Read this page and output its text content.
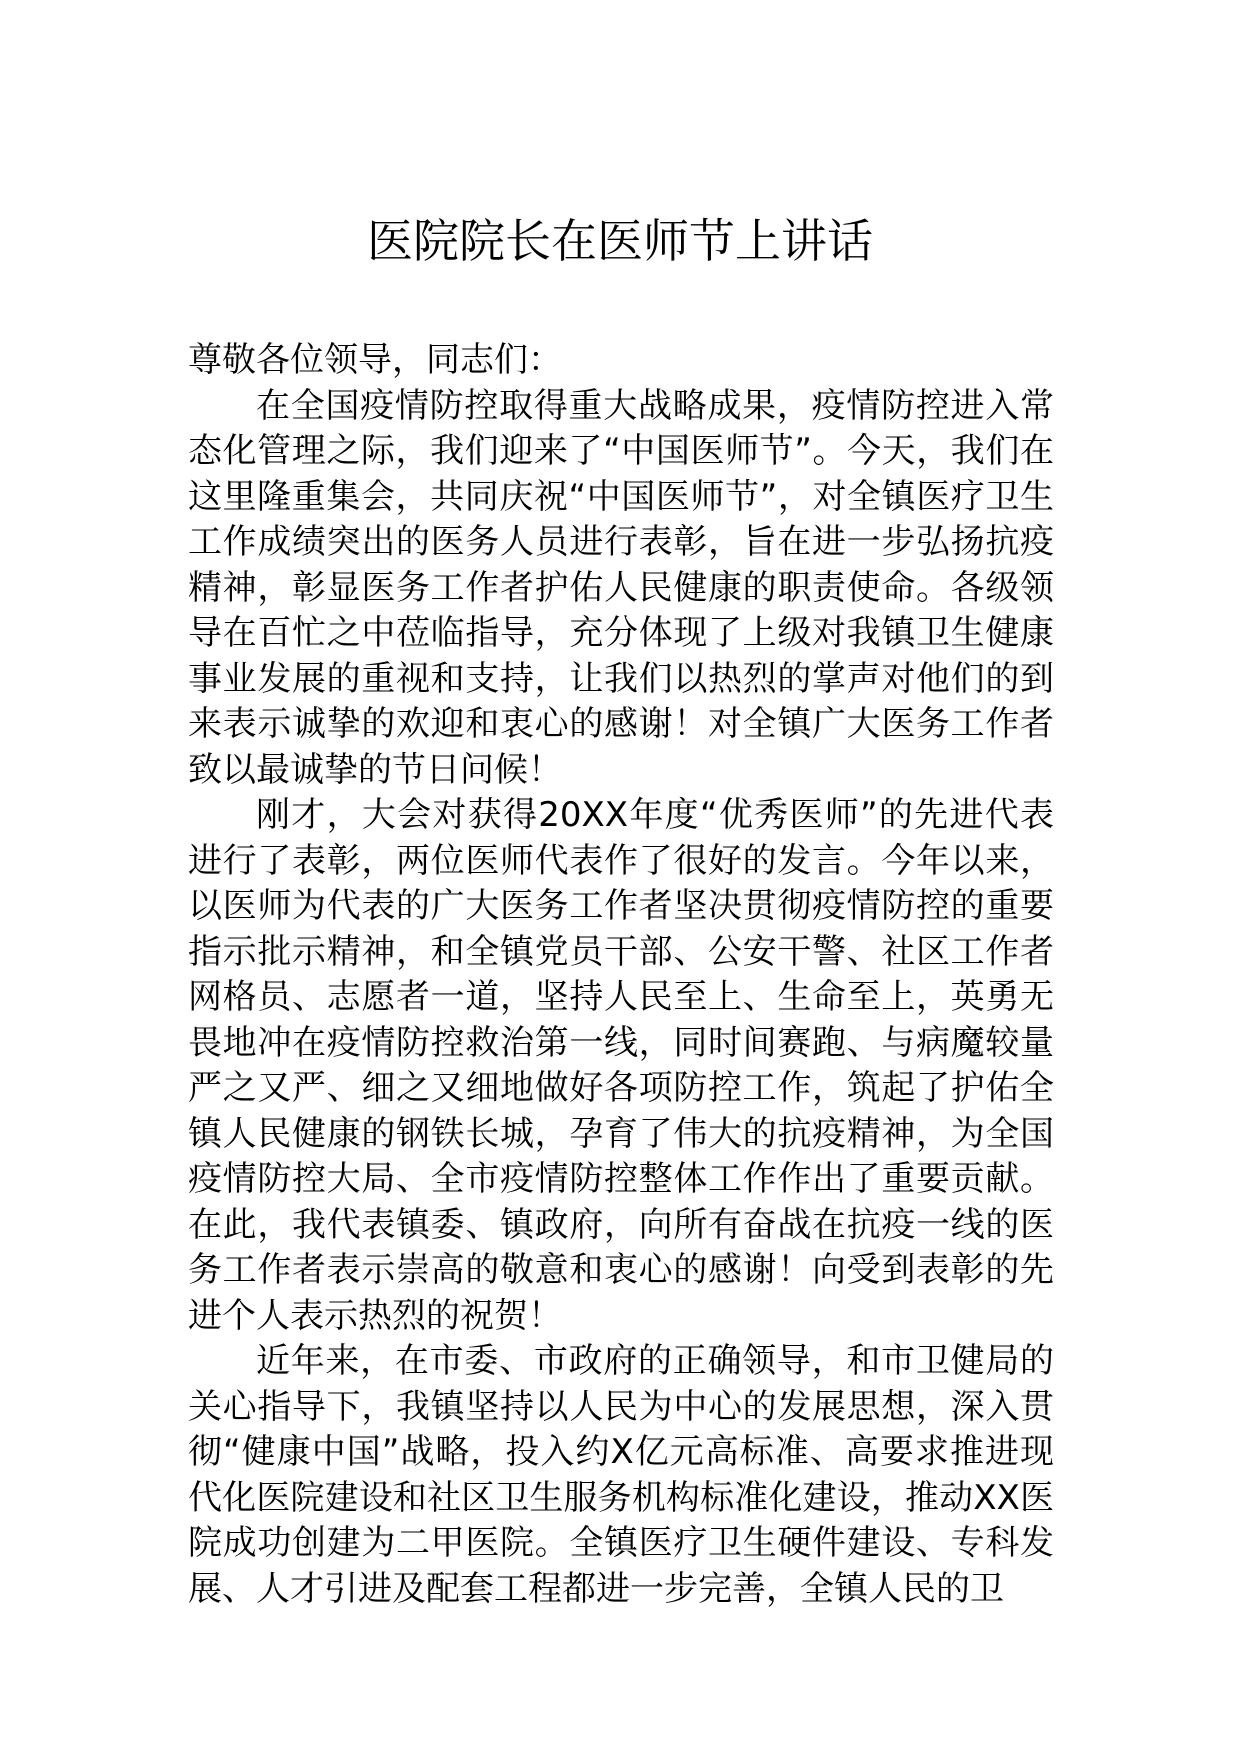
医院院长在医师节上讲话

尊敬各位领导，同志们：

在全国疫情防控取得重大战略成果，疫情防控进入常态化管理之际，我们迎来了“中国医师节”。今天，我们在这里隆重集会，共同庆祝“中国医师节”，对全镇医疗卫生工作成绩突出的医务人员进行表彰，旨在进一步弘扬抗疫精神，彰显医务工作者护佑人民健康的职责使命。各级领导在百忙之中莅临指导，充分体现了上级对我镇卫生健康事业发展的重视和支持，让我们以热烈的掌声对他们的到来表示诚挚的欢迎和衷心的感谢！对全镇广大医务工作者致以最诚挚的节日问候！

刚才，大会对获得20XX年度“优秀医师”的先进代表进行了表彰，两位医师代表作了很好的发言。今年以来，以医师为代表的广大医务工作者坚决贯彻疫情防控的重要指示批示精神，和全镇党员干部、公安干警、社区工作者网格员、志愿者一道，坚持人民至上、生命至上，英勇无畏地冲在疫情防控救治第一线，同时间赛跑、与病魔较量严之又严、细之又细地做好各项防控工作，筑起了护佑全镇人民健康的钢铁长城，孕育了伟大的抗疫精神，为全国疫情防控大局、全市疫情防控整体工作作出了重要贡献。在此，我代表镇委、镇政府，向所有奋战在抗疫一线的医务工作者表示崇高的敬意和衷心的感谢！向受到表彰的先进个人表示热烈的祝贺！

近年来，在市委、市政府的正确领导，和市卫健局的关心指导下，我镇坚持以人民为中心的发展思想，深入贯彻“健康中国”战略，投入约X亿元高标准、高要求推进现代化医院建设和社区卫生服务机构标准化建设，推动XX医院成功创建为二甲医院。全镇医疗卫生硬件建设、专科发展、人才引进及配套工程都进一步完善，全镇人民的卫
